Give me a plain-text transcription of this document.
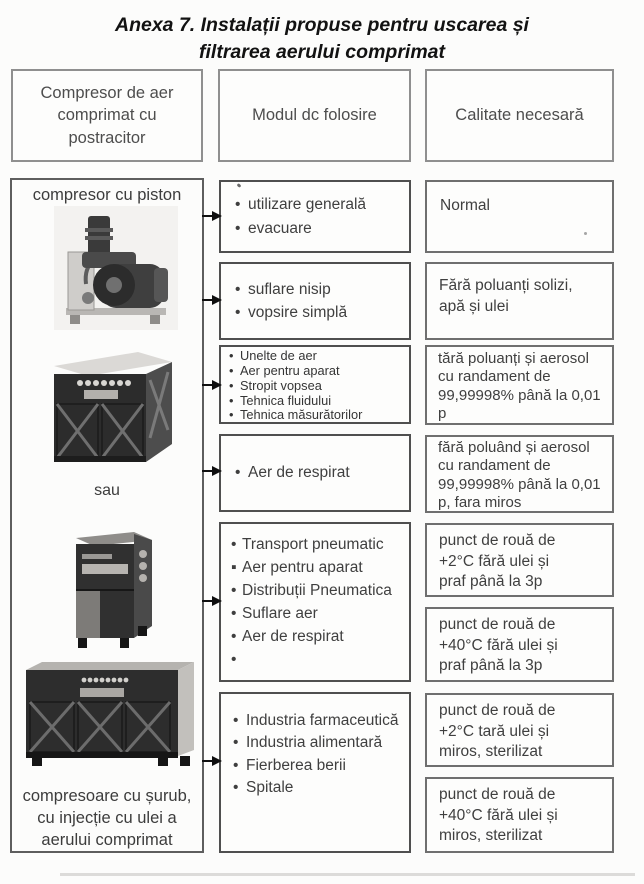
Anexa 7. Instalații propuse pentru uscarea și
filtrarea aerului comprimat
Compresor de aer comprimat cu postracitor
Modul dc folosire	Calitate necesară
compresor cu piston
sau
compresoare cu șurub,
cu injecție cu ulei a
aerului comprimat
• utilizare generală
• evacuare
• suflare nisip
• vopsire simplă
• Unelte de aer
• Aer pentru aparat
• Stropit vopsea
• Tehnica fluidului
• Tehnica măsurătorilor
• Aer de respirat
• Transport pneumatic
▪ Aer pentru aparat
• Distribuții Pneumatica
• Suflare aer
• Aer de respirat
•
• Industria farmaceutică
• Industria alimentară
• Fierberea berii
• Spitale
Normal
Fără poluanți solizi, apă și ulei
tără poluanți și aerosol cu randament de 99,99998% până la 0,01 p
fără poluând și aerosol cu randament de 99,99998% până la 0,01 p, fara miros
punct de rouă de +2°C fără ulei și praf până la 3p
punct de rouă de +40°C fără ulei și praf până la 3p
punct de rouă de +2°C tară ulei și miros, sterilizat
punct de rouă de +40°C fără ulei și miros, sterilizat
